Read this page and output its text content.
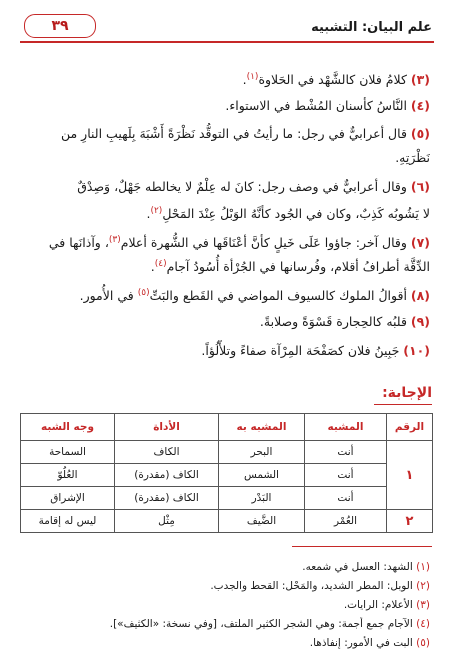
علم البيان: التشبيه
٣٩
(٣) كلامُ فلان كالشَّهْد في الحَلاوة$^{(١)}$.
(٤) النَّاسُ كأسنان المُشْط في الاستواء.
(٥) قال أعرابيٌّ في رجل: ما رأيتُ في التوقُّد نَظْرَةً أَشْبَهَ بِلَهيبِ النارِ من
نَظْرَتِهِ.
(٦) وقال أعرابيٌّ في وصف رجل: كانَ له عِلْمٌ لا يخالطه جَهْلٌ، وَصِدْقٌ
لا يَشُوبُه كَذِبٌ، وكان في الجُود كأنَّهُ الوَبْلُ عِنْدَ المَحْلِ$^{(٢)}$.
(٧) وقال آخر: جاؤوا عَلَى خَيلٍ كأنَّ أعْنَاقَها في الشُّهرة أعلام$^{(٣)}$، وآذانَها في
الدِّقَّة أطرافُ أقلام، وفُرسانها في الجُرْأة أُسُودُ آجام$^{(٤)}$.
(٨) أقوالُ الملوك كالسيوف المواضي في القَطع والبَتِّ$^{(٥)}$ في الأُمور.
(٩) قلبُه كالحِجارة قَسْوَةً وصلابةً.
(١٠) جَبِينُ فلان كصَفْحَة المِرْآة صفاءً وتلأْلُؤاً.
الإجابة:
الرقم	المشبه	المشبه به	الأداة	وجه الشبه
١	أنت	البحر	الكاف	السماحة
	أنت	الشمس	الكاف (مقدرة)	العُلُوّ
	أنت	البَدْر	الكاف (مقدرة)	الإشراق
٢	العُمْر	الضَّيف	مِثْل	ليس له إقامة
(١) الشهد: العسل في شمعه.
(٢) الوبل: المطر الشديد، والمَحْل: القحط والجدب.
(٣) الأعلام: الرايات.
(٤) الآجام جمع أجمة: وهي الشجر الكثير الملتف، [وفي نسخة: «الكثيف»].
(٥) البت في الأمور: إنفاذها.
